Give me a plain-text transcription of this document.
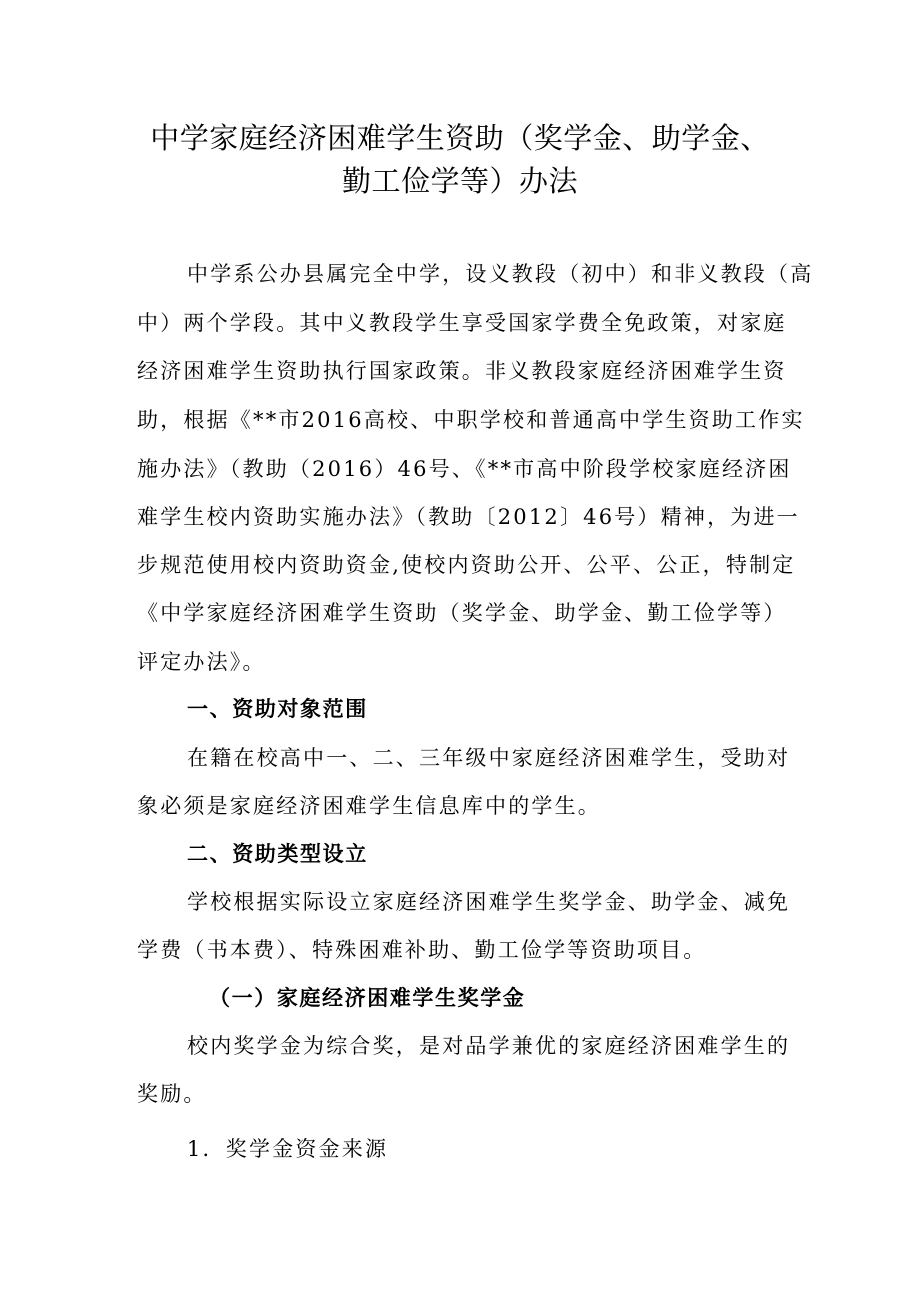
中学家庭经济困难学生资助（奖学金、助学金、
勤工俭学等）办法
中学系公办县属完全中学，设义教段（初中）和非义教段（高
中）两个学段。其中义教段学生享受国家学费全免政策，对家庭
经济困难学生资助执行国家政策。非义教段家庭经济困难学生资
助，根据《**市2016高校、中职学校和普通高中学生资助工作实
施办法》（教助（2016）46号、《**市高中阶段学校家庭经济困
难学生校内资助实施办法》（教助〔2012〕46号）精神，为进一
步规范使用校内资助资金,使校内资助公开、公平、公正，特制定
《中学家庭经济困难学生资助（奖学金、助学金、勤工俭学等）
评定办法》。
一、资助对象范围
在籍在校高中一、二、三年级中家庭经济困难学生，受助对
象必须是家庭经济困难学生信息库中的学生。
二、资助类型设立
学校根据实际设立家庭经济困难学生奖学金、助学金、减免
学费（书本费）、特殊困难补助、勤工俭学等资助项目。
（一）家庭经济困难学生奖学金
校内奖学金为综合奖，是对品学兼优的家庭经济困难学生的
奖励。
1．奖学金资金来源
